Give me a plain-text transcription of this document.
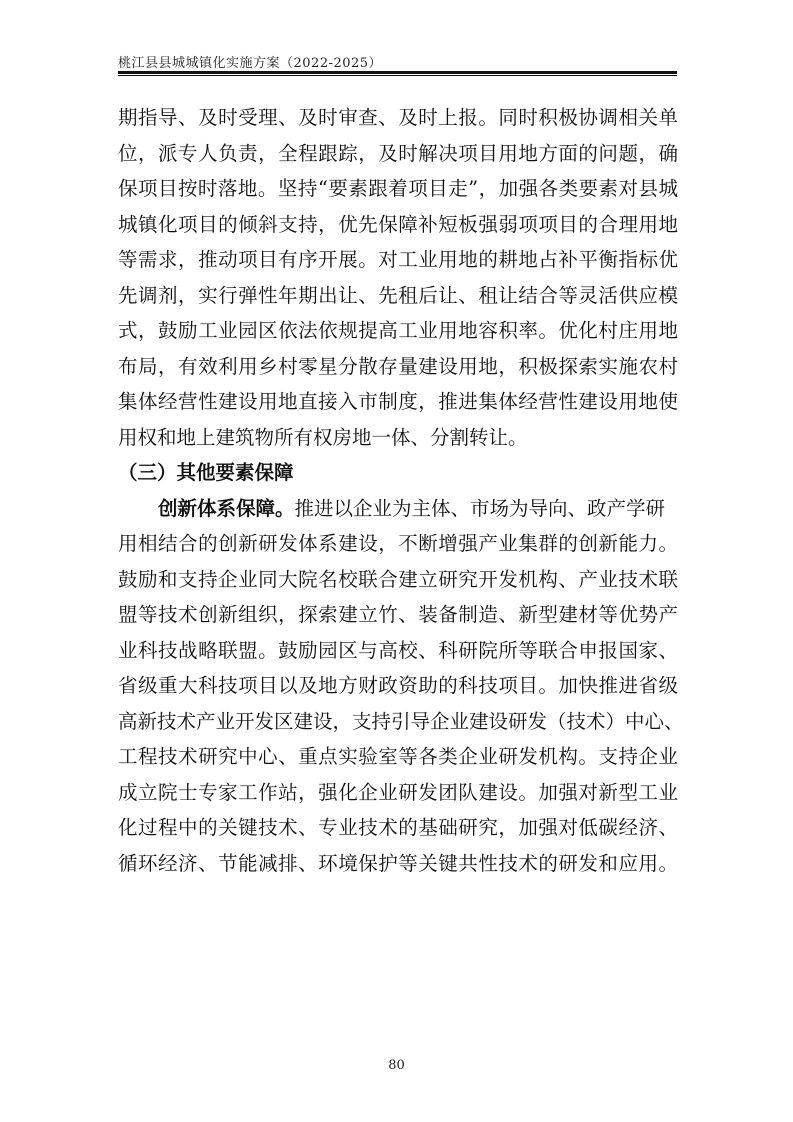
桃江县县城城镇化实施方案（2022-2025）
期指导、及时受理、及时审查、及时上报。同时积极协调相关单
位，派专人负责，全程跟踪，及时解决项目用地方面的问题，确
保项目按时落地。坚持“要素跟着项目走”，加强各类要素对县城
城镇化项目的倾斜支持，优先保障补短板强弱项项目的合理用地
等需求，推动项目有序开展。对工业用地的耕地占补平衡指标优
先调剂，实行弹性年期出让、先租后让、租让结合等灵活供应模
式，鼓励工业园区依法依规提高工业用地容积率。优化村庄用地
布局，有效利用乡村零星分散存量建设用地，积极探索实施农村
集体经营性建设用地直接入市制度，推进集体经营性建设用地使
用权和地上建筑物所有权房地一体、分割转让。
（三）其他要素保障
创新体系保障。推进以企业为主体、市场为导向、政产学研
用相结合的创新研发体系建设，不断增强产业集群的创新能力。
鼓励和支持企业同大院名校联合建立研究开发机构、产业技术联
盟等技术创新组织，探索建立竹、装备制造、新型建材等优势产
业科技战略联盟。鼓励园区与高校、科研院所等联合申报国家、
省级重大科技项目以及地方财政资助的科技项目。加快推进省级
高新技术产业开发区建设，支持引导企业建设研发（技术）中心、
工程技术研究中心、重点实验室等各类企业研发机构。支持企业
成立院士专家工作站，强化企业研发团队建设。加强对新型工业
化过程中的关键技术、专业技术的基础研究，加强对低碳经济、
循环经济、节能减排、环境保护等关键共性技术的研发和应用。
80
